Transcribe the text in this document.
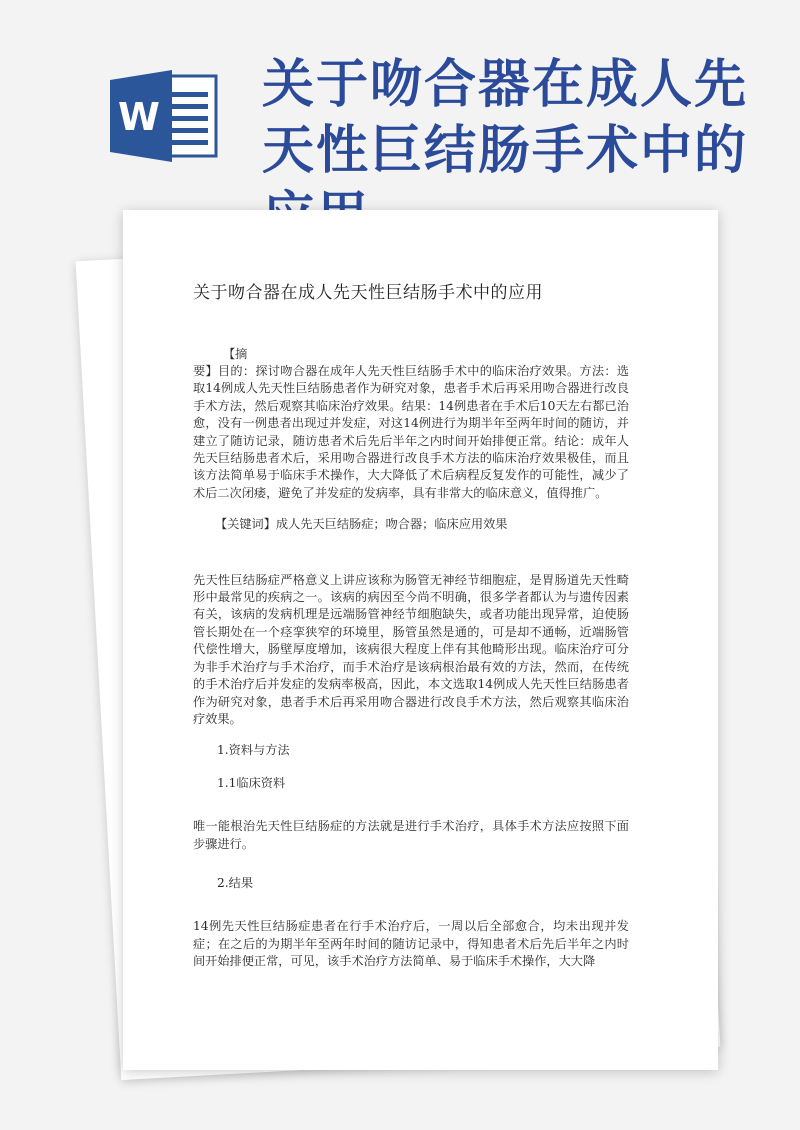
W
关于吻合器在成人先天性巨结肠手术中的
关于吻合器在成人先天性巨结肠手术中的应用

【摘

要】目的：探讨吻合器在成年人先天性巨结肠手术中的临床治疗效果。方法：选取14例成人先天性巨结肠患者作为研究对象，患者手术后再采用吻合器进行改良手术方法，然后观察其临床治疗效果。结果：14例患者在手术后10天左右都已治愈，没有一例患者出现过并发症，对这14例进行为期半年至两年时间的随访，并建立了随访记录，随访患者术后先后半年之内时间开始排便正常。结论：成年人先天巨结肠患者术后，采用吻合器进行改良手术方法的临床治疗效果极佳，而且该方法简单易于临床手术操作，大大降低了术后病程反复发作的可能性，减少了术后二次闭痿，避免了并发症的发病率，具有非常大的临床意义，值得推广。

【关键词】成人先天巨结肠症；吻合器；临床应用效果

先天性巨结肠症严格意义上讲应该称为肠管无神经节细胞症，是胃肠道先天性畸形中最常见的疾病之一。该病的病因至今尚不明确，很多学者都认为与遗传因素有关，该病的发病机理是远端肠管神经节细胞缺失，或者功能出现异常，迫使肠管长期处在一个痉挛狭窄的环境里，肠管虽然是通的，可是却不通畅，近端肠管代偿性增大，肠壁厚度增加，该病很大程度上伴有其他畸形出现。临床治疗可分为非手术治疗与手术治疗，而手术治疗是该病根治最有效的方法，然而，在传统的手术治疗后并发症的发病率极高，因此，本文选取14例成人先天性巨结肠患者作为研究对象，患者手术后再采用吻合器进行改良手术方法，然后观察其临床治疗效果。

1.资料与方法

1.1临床资料

唯一能根治先天性巨结肠症的方法就是进行手术治疗，具体手术方法应按照下面步骤进行。

2.结果

14例先天性巨结肠症患者在行手术治疗后，一周以后全部愈合，均未出现并发症；在之后的为期半年至两年时间的随访记录中，得知患者术后先后半年之内时间开始排便正常，可见，该手术治疗方法简单、易于临床手术操作，大大降
